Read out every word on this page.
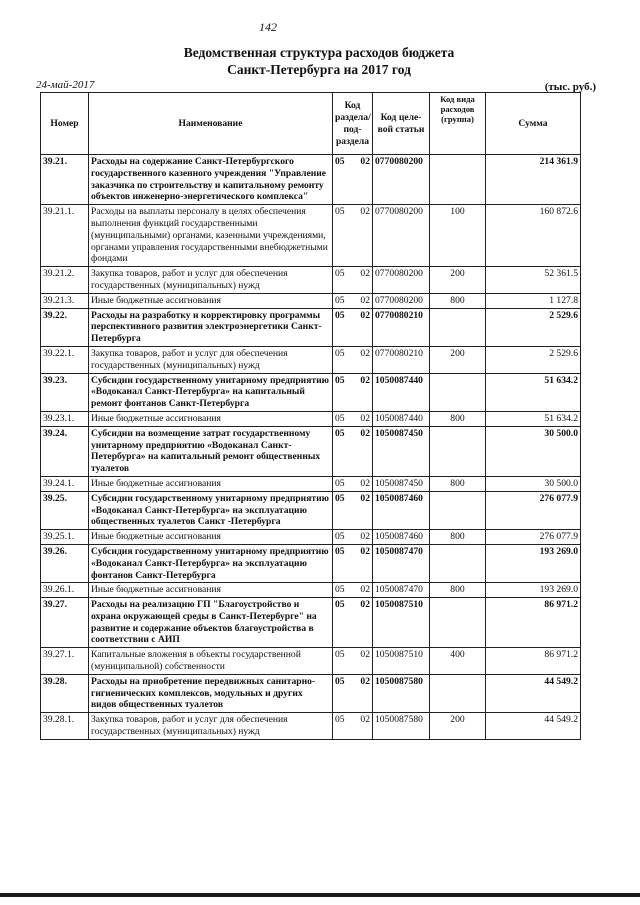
142
Ведомственная структура расходов бюджета
Санкт-Петербурга на 2017 год
24-май-2017	(тыс. руб.)
Номер	Наименование	Код раздела/ под-раздела		Код целе-вой статьи	Код вида расходов (группа)	Сумма
39.21.	Расходы на содержание Санкт-Петербургского государственного казенного учреждения "Управление заказчика по строительству и капитальному ремонту объектов инженерно-энергетического комплекса"	05	02	0770080200		214 361.9
39.21.1.	Расходы на выплаты персоналу в целях обеспечения выполнения функций государственными (муниципальными) органами, казенными учреждениями, органами управления государственными внебюджетными фондами	05	02	0770080200	100	160 872.6
39.21.2.	Закупка товаров, работ и услуг для обеспечения государственных (муниципальных) нужд	05	02	0770080200	200	52 361.5
39.21.3.	Иные бюджетные ассигнования	05	02	0770080200	800	1 127.8
39.22.	Расходы на разработку и корректировку программы перспективного развития электроэнергетики Санкт-Петербурга	05	02	0770080210		2 529.6
39.22.1.	Закупка товаров, работ и услуг для обеспечения государственных (муниципальных) нужд	05	02	0770080210	200	2 529.6
39.23.	Субсидии государственному унитарному предприятию «Водоканал Санкт-Петербурга» на капитальный ремонт фонтанов Санкт-Петербурга	05	02	1050087440		51 634.2
39.23.1.	Иные бюджетные ассигнования	05	02	1050087440	800	51 634.2
39.24.	Субсидии на возмещение затрат государственному унитарному предприятию «Водоканал Санкт-Петербурга» на капитальный ремонт общественных туалетов	05	02	1050087450		30 500.0
39.24.1.	Иные бюджетные ассигнования	05	02	1050087450	800	30 500.0
39.25.	Субсидии государственному унитарному предприятию «Водоканал Санкт-Петербурга» на эксплуатацию общественных туалетов Санкт -Петербурга	05	02	1050087460		276 077.9
39.25.1.	Иные бюджетные ассигнования	05	02	1050087460	800	276 077.9
39.26.	Субсидия государственному унитарному предприятию «Водоканал Санкт-Петербурга» на эксплуатацию фонтанов Санкт-Петербурга	05	02	1050087470		193 269.0
39.26.1.	Иные бюджетные ассигнования	05	02	1050087470	800	193 269.0
39.27.	Расходы на реализацию ГП "Благоустройство и охрана окружающей среды в Санкт-Петербурге" на развитие и содержание объектов благоустройства в соответствии с АИП	05	02	1050087510		86 971.2
39.27.1.	Капитальные вложения в объекты государственной (муниципальной) собственности	05	02	1050087510	400	86 971.2
39.28.	Расходы на приобретение передвижных санитарно-гигиенических комплексов, модульных и других видов общественных туалетов	05	02	1050087580		44 549.2
39.28.1.	Закупка товаров, работ и услуг для обеспечения государственных (муниципальных) нужд	05	02	1050087580	200	44 549.2
